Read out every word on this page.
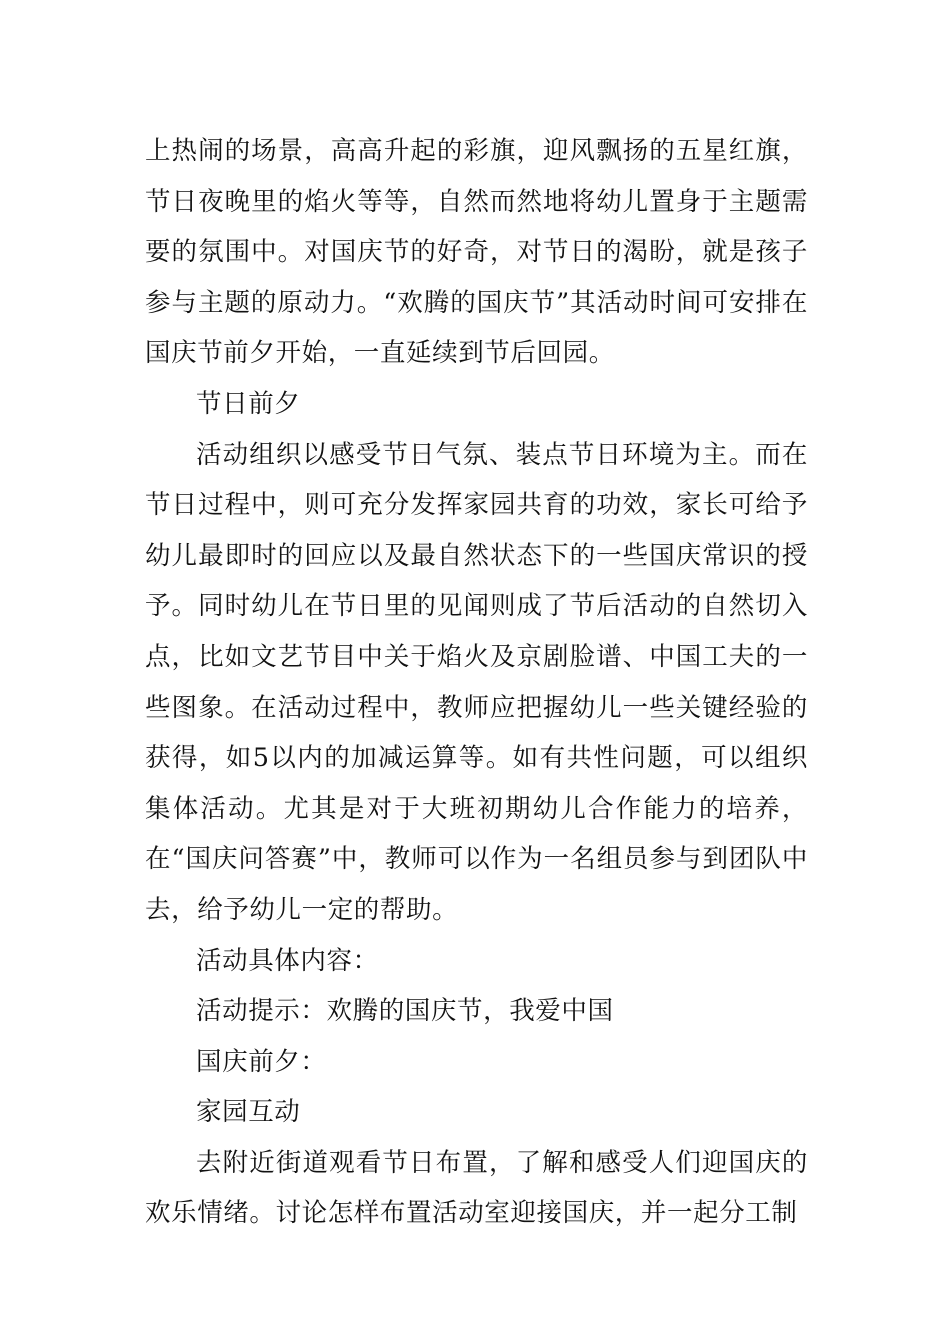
上热闹的场景，高高升起的彩旗，迎风飘扬的五星红旗，节日夜晚里的焰火等等，自然而然地将幼儿置身于主题需要的氛围中。对国庆节的好奇，对节日的渴盼，就是孩子参与主题的原动力。“欢腾的国庆节”其活动时间可安排在国庆节前夕开始，一直延续到节后回园。

节日前夕

活动组织以感受节日气氛、装点节日环境为主。而在节日过程中，则可充分发挥家园共育的功效，家长可给予幼儿最即时的回应以及最自然状态下的一些国庆常识的授予。同时幼儿在节日里的见闻则成了节后活动的自然切入点，比如文艺节目中关于焰火及京剧脸谱、中国工夫的一些图象。在活动过程中，教师应把握幼儿一些关键经验的获得，如5以内的加减运算等。如有共性问题，可以组织集体活动。尤其是对于大班初期幼儿合作能力的培养，在“国庆问答赛”中，教师可以作为一名组员参与到团队中去，给予幼儿一定的帮助。

活动具体内容：

活动提示：欢腾的国庆节，我爱中国

国庆前夕：

家园互动

去附近街道观看节日布置，了解和感受人们迎国庆的欢乐情绪。讨论怎样布置活动室迎接国庆，并一起分工制
